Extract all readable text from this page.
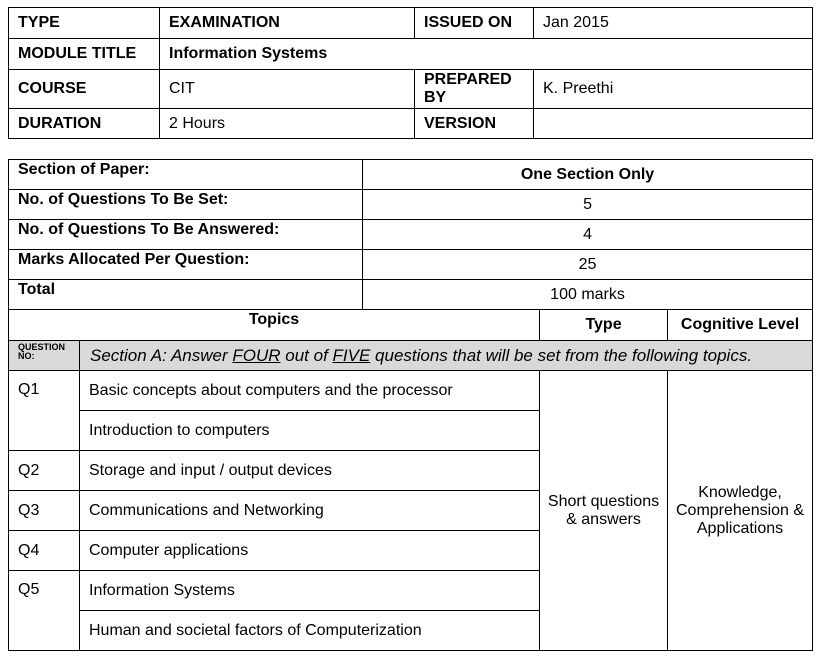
TYPE	EXAMINATION	ISSUED ON	Jan 2015
MODULE TITLE	Information Systems		
COURSE	CIT	PREPARED BY	K. Preethi
DURATION	2 Hours	VERSION	
Section of Paper:		One Section Only		
No. of Questions To Be Set:		5		
No. of Questions To Be Answered:		4		
Marks Allocated Per Question:		25		
Total		100 marks		
Topics			Type	Cognitive Level
QUESTION NO:	Section A: Answer FOUR out of FIVE questions that will be set from the following topics.			
Q1	Basic concepts about computers and the processor		Short questions & answers	Knowledge, Comprehension & Applications
	Introduction to computers			
Q2	Storage and input / output devices			
Q3	Communications and Networking			
Q4	Computer applications			
Q5	Information Systems			
	Human and societal factors of Computerization			
